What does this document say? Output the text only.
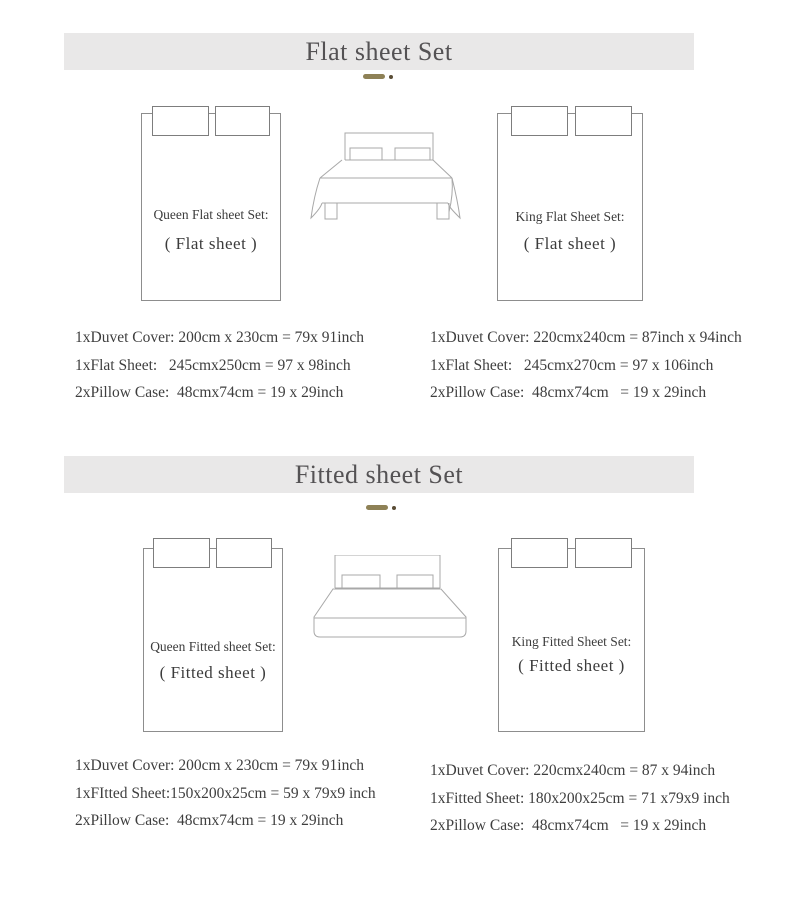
Flat sheet Set
Queen Flat sheet Set:
( Flat sheet )
King Flat Sheet Set:
( Flat sheet )
1xDuvet Cover: 200cm x 230cm = 79x 91inch
1xFlat Sheet:   245cmx250cm = 97 x 98inch
2xPillow Case:  48cmx74cm = 19 x 29inch
1xDuvet Cover: 220cmx240cm = 87inch x 94inch
1xFlat Sheet:   245cmx270cm = 97 x 106inch
2xPillow Case:  48cmx74cm   = 19 x 29inch
Fitted sheet Set
Queen Fitted sheet Set:
( Fitted sheet )
King Fitted Sheet Set:
( Fitted sheet )
1xDuvet Cover: 200cm x 230cm = 79x 91inch
1xFItted Sheet:150x200x25cm = 59 x 79x9 inch
2xPillow Case:  48cmx74cm = 19 x 29inch
1xDuvet Cover: 220cmx240cm = 87 x 94inch
1xFitted Sheet: 180x200x25cm = 71 x79x9 inch
2xPillow Case:  48cmx74cm   = 19 x 29inch
